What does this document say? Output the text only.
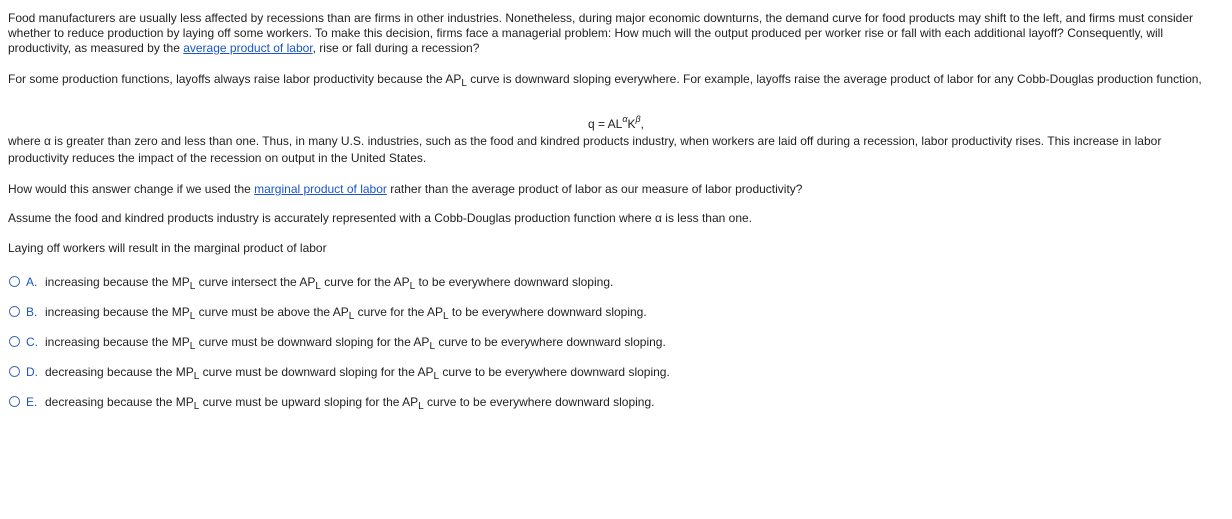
Food manufacturers are usually less affected by recessions than are firms in other industries. Nonetheless, during major economic downturns, the demand curve for food products may shift to the left, and firms must consider whether to reduce production by laying off some workers. To make this decision, firms face a managerial problem: How much will the output produced per worker rise or fall with each additional layoff? Consequently, will productivity, as measured by the average product of labor, rise or fall during a recession?

For some production functions, layoffs always raise labor productivity because the $AP_L$ curve is downward sloping everywhere. For example, layoffs raise the average product of labor for any Cobb-Douglas production function,

$q = AL^\alpha K^\beta$,

where α is greater than zero and less than one. Thus, in many U.S. industries, such as the food and kindred products industry, when workers are laid off during a recession, labor productivity rises. This increase in labor productivity reduces the impact of the recession on output in the United States.

How would this answer change if we used the marginal product of labor rather than the average product of labor as our measure of labor productivity?

Assume the food and kindred products industry is accurately represented with a Cobb-Douglas production function where α is less than one.

Laying off workers will result in the marginal product of labor

A. increasing because the $MP_L$ curve intersect the $AP_L$ curve for the $AP_L$ to be everywhere downward sloping.
B. increasing because the $MP_L$ curve must be above the $AP_L$ curve for the $AP_L$ to be everywhere downward sloping.
C. increasing because the $MP_L$ curve must be downward sloping for the $AP_L$ curve to be everywhere downward sloping.
D. decreasing because the $MP_L$ curve must be downward sloping for the $AP_L$ curve to be everywhere downward sloping.
E. decreasing because the $MP_L$ curve must be upward sloping for the $AP_L$ curve to be everywhere downward sloping.
